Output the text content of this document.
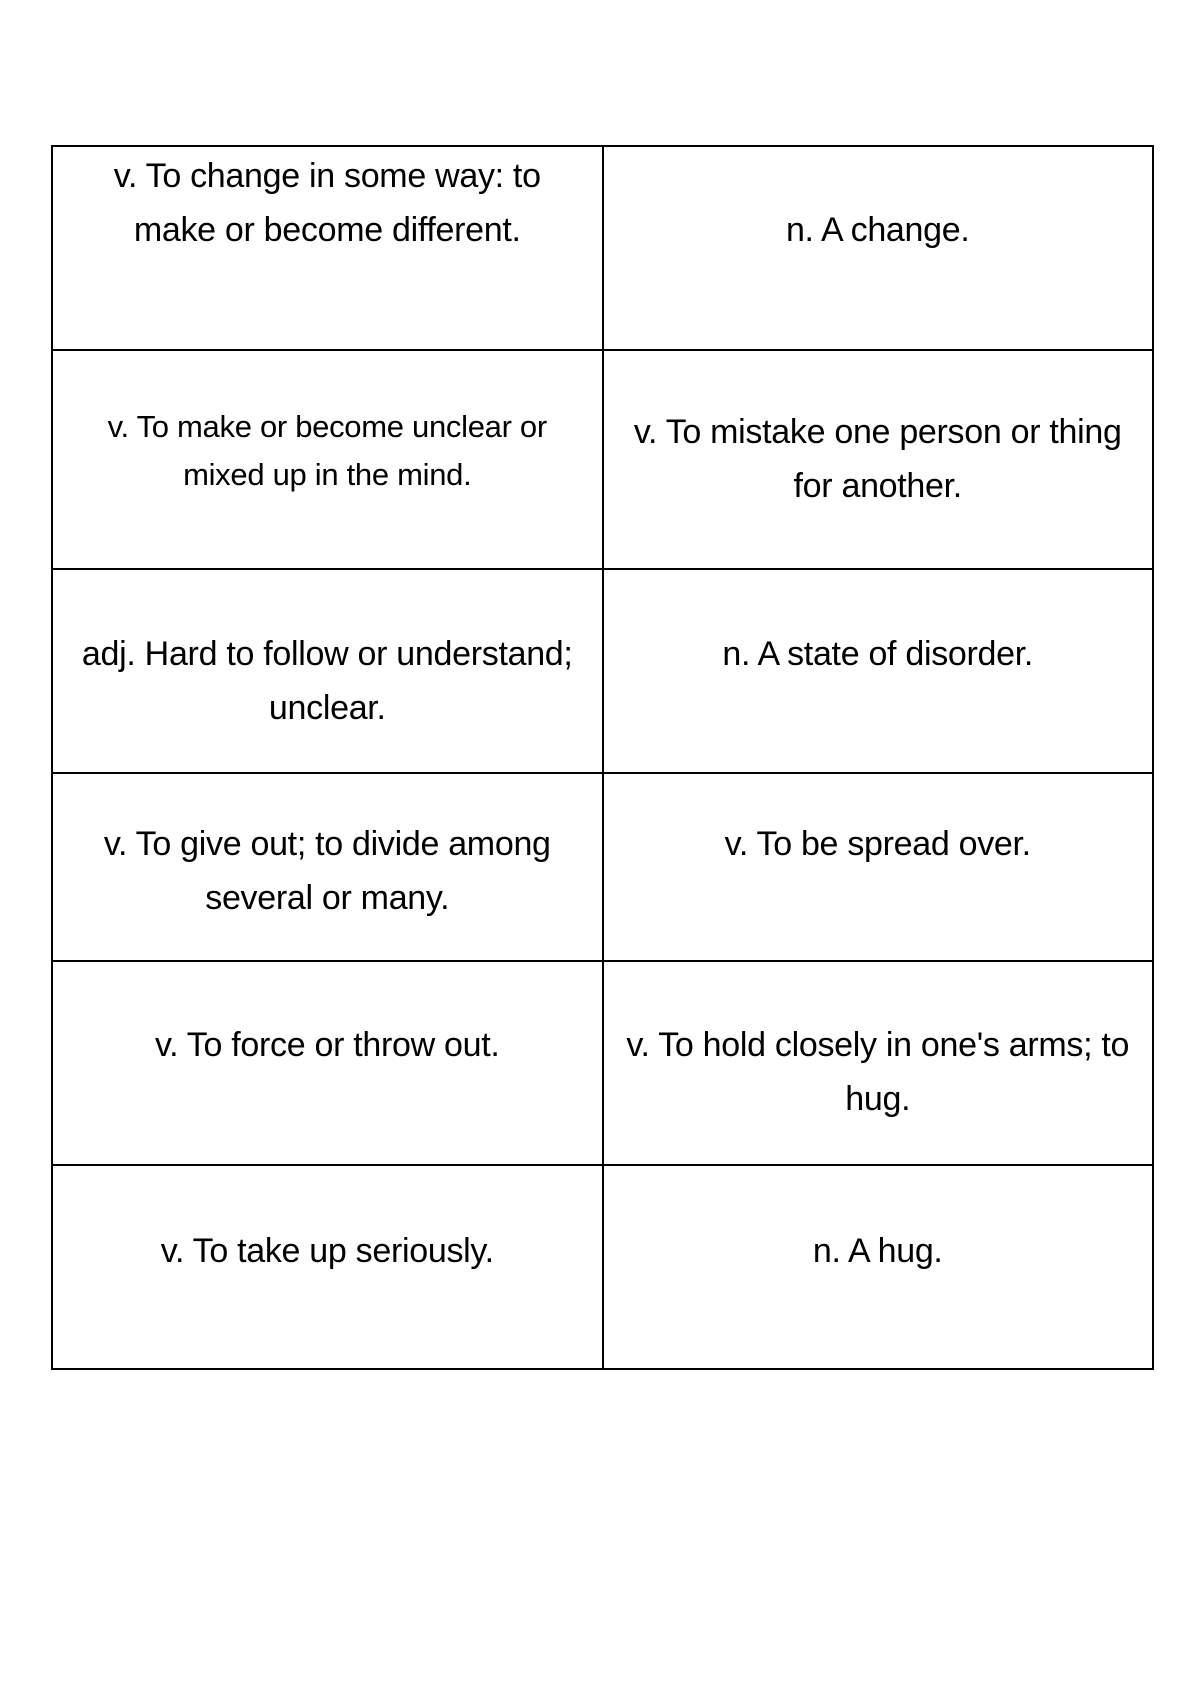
v. To change in some way: to make or become different.	n. A change.

v. To make or become unclear or mixed up in the mind.	v. To mistake one person or thing for another.

adj. Hard to follow or understand; unclear.	n. A state of disorder.

v. To give out; to divide among several or many.	v. To be spread over.

v. To force or throw out.	v. To hold closely in one's arms; to hug.

v. To take up seriously.	n. A hug.
